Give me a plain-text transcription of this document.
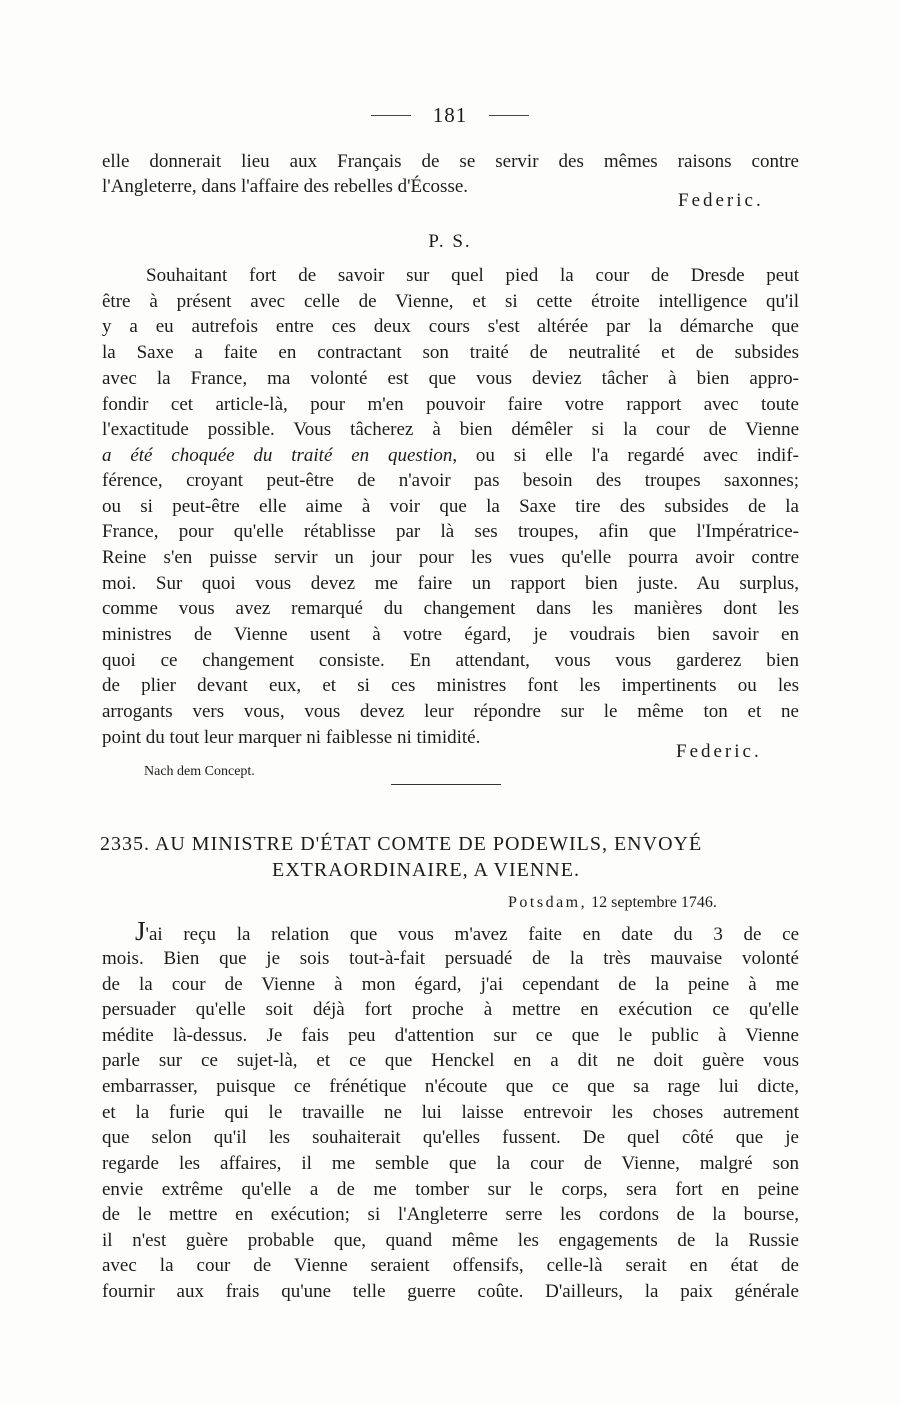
181
elle donnerait lieu aux Français de se servir des mêmes raisons contre
l'Angleterre, dans l'affaire des rebelles d'Écosse.
Federic.
P. S.
Souhaitant fort de savoir sur quel pied la cour de Dresde peut
être à présent avec celle de Vienne, et si cette étroite intelligence qu'il
y a eu autrefois entre ces deux cours s'est altérée par la démarche que
la Saxe a faite en contractant son traité de neutralité et de subsides
avec la France, ma volonté est que vous deviez tâcher à bien appro-
fondir cet article-là, pour m'en pouvoir faire votre rapport avec toute
l'exactitude possible. Vous tâcherez à bien démêler si la cour de Vienne
a été choquée du traité en question, ou si elle l'a regardé avec indif-
férence, croyant peut-être de n'avoir pas besoin des troupes saxonnes;
ou si peut-être elle aime à voir que la Saxe tire des subsides de la
France, pour qu'elle rétablisse par là ses troupes, afin que l'Impératrice-
Reine s'en puisse servir un jour pour les vues qu'elle pourra avoir contre
moi. Sur quoi vous devez me faire un rapport bien juste. Au surplus,
comme vous avez remarqué du changement dans les manières dont les
ministres de Vienne usent à votre égard, je voudrais bien savoir en
quoi ce changement consiste. En attendant, vous vous garderez bien
de plier devant eux, et si ces ministres font les impertinents ou les
arrogants vers vous, vous devez leur répondre sur le même ton et ne
point du tout leur marquer ni faiblesse ni timidité.
Federic.
Nach dem Concept.
2335. AU MINISTRE D'ÉTAT COMTE DE PODEWILS, ENVOYÉ
EXTRAORDINAIRE, A VIENNE.
Potsdam, 12 septembre 1746.
J'ai reçu la relation que vous m'avez faite en date du 3 de ce
mois. Bien que je sois tout-à-fait persuadé de la très mauvaise volonté
de la cour de Vienne à mon égard, j'ai cependant de la peine à me
persuader qu'elle soit déjà fort proche à mettre en exécution ce qu'elle
médite là-dessus. Je fais peu d'attention sur ce que le public à Vienne
parle sur ce sujet-là, et ce que Henckel en a dit ne doit guère vous
embarrasser, puisque ce frénétique n'écoute que ce que sa rage lui dicte,
et la furie qui le travaille ne lui laisse entrevoir les choses autrement
que selon qu'il les souhaiterait qu'elles fussent. De quel côté que je
regarde les affaires, il me semble que la cour de Vienne, malgré son
envie extrême qu'elle a de me tomber sur le corps, sera fort en peine
de le mettre en exécution; si l'Angleterre serre les cordons de la bourse,
il n'est guère probable que, quand même les engagements de la Russie
avec la cour de Vienne seraient offensifs, celle-là serait en état de
fournir aux frais qu'une telle guerre coûte. D'ailleurs, la paix générale
